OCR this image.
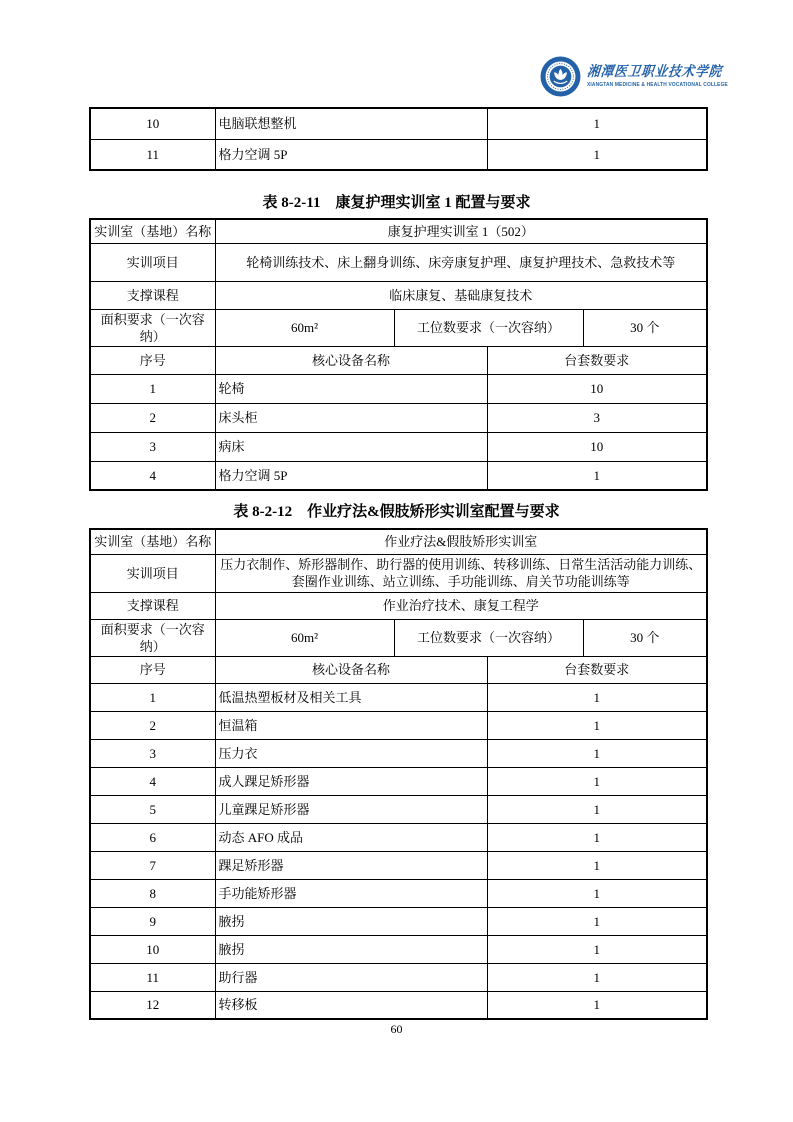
湘潭医卫职业技术学院
XIANGTAN MEDICINE & HEALTH VOCATIONAL COLLEGE
10	电脑联想整机	1
11	格力空调 5P	1
表 8-2-11　康复护理实训室 1 配置与要求
实训室（基地）名称	康复护理实训室 1（502）			
实训项目	轮椅训练技术、床上翻身训练、床旁康复护理、康复护理技术、急救技术等			
支撑课程	临床康复、基础康复技术			
面积要求（一次容纳）	60m²	工位数要求（一次容纳）		30 个
序号	核心设备名称		台套数要求	
1	轮椅		10	
2	床头柜		3	
3	病床		10	
4	格力空调 5P		1	
表 8-2-12　作业疗法&假肢矫形实训室配置与要求
实训室（基地）名称	作业疗法&假肢矫形实训室			
实训项目	压力衣制作、矫形器制作、助行器的使用训练、转移训练、日常生活活动能力训练、套圈作业训练、站立训练、手功能训练、肩关节功能训练等			
支撑课程	作业治疗技术、康复工程学			
面积要求（一次容纳）	60m²	工位数要求（一次容纳）		30 个
序号	核心设备名称		台套数要求	
1	低温热塑板材及相关工具		1	
2	恒温箱		1	
3	压力衣		1	
4	成人踝足矫形器		1	
5	儿童踝足矫形器		1	
6	动态 AFO 成品		1	
7	踝足矫形器		1	
8	手功能矫形器		1	
9	腋拐		1	
10	腋拐		1	
11	助行器		1	
12	转移板		1	
60
